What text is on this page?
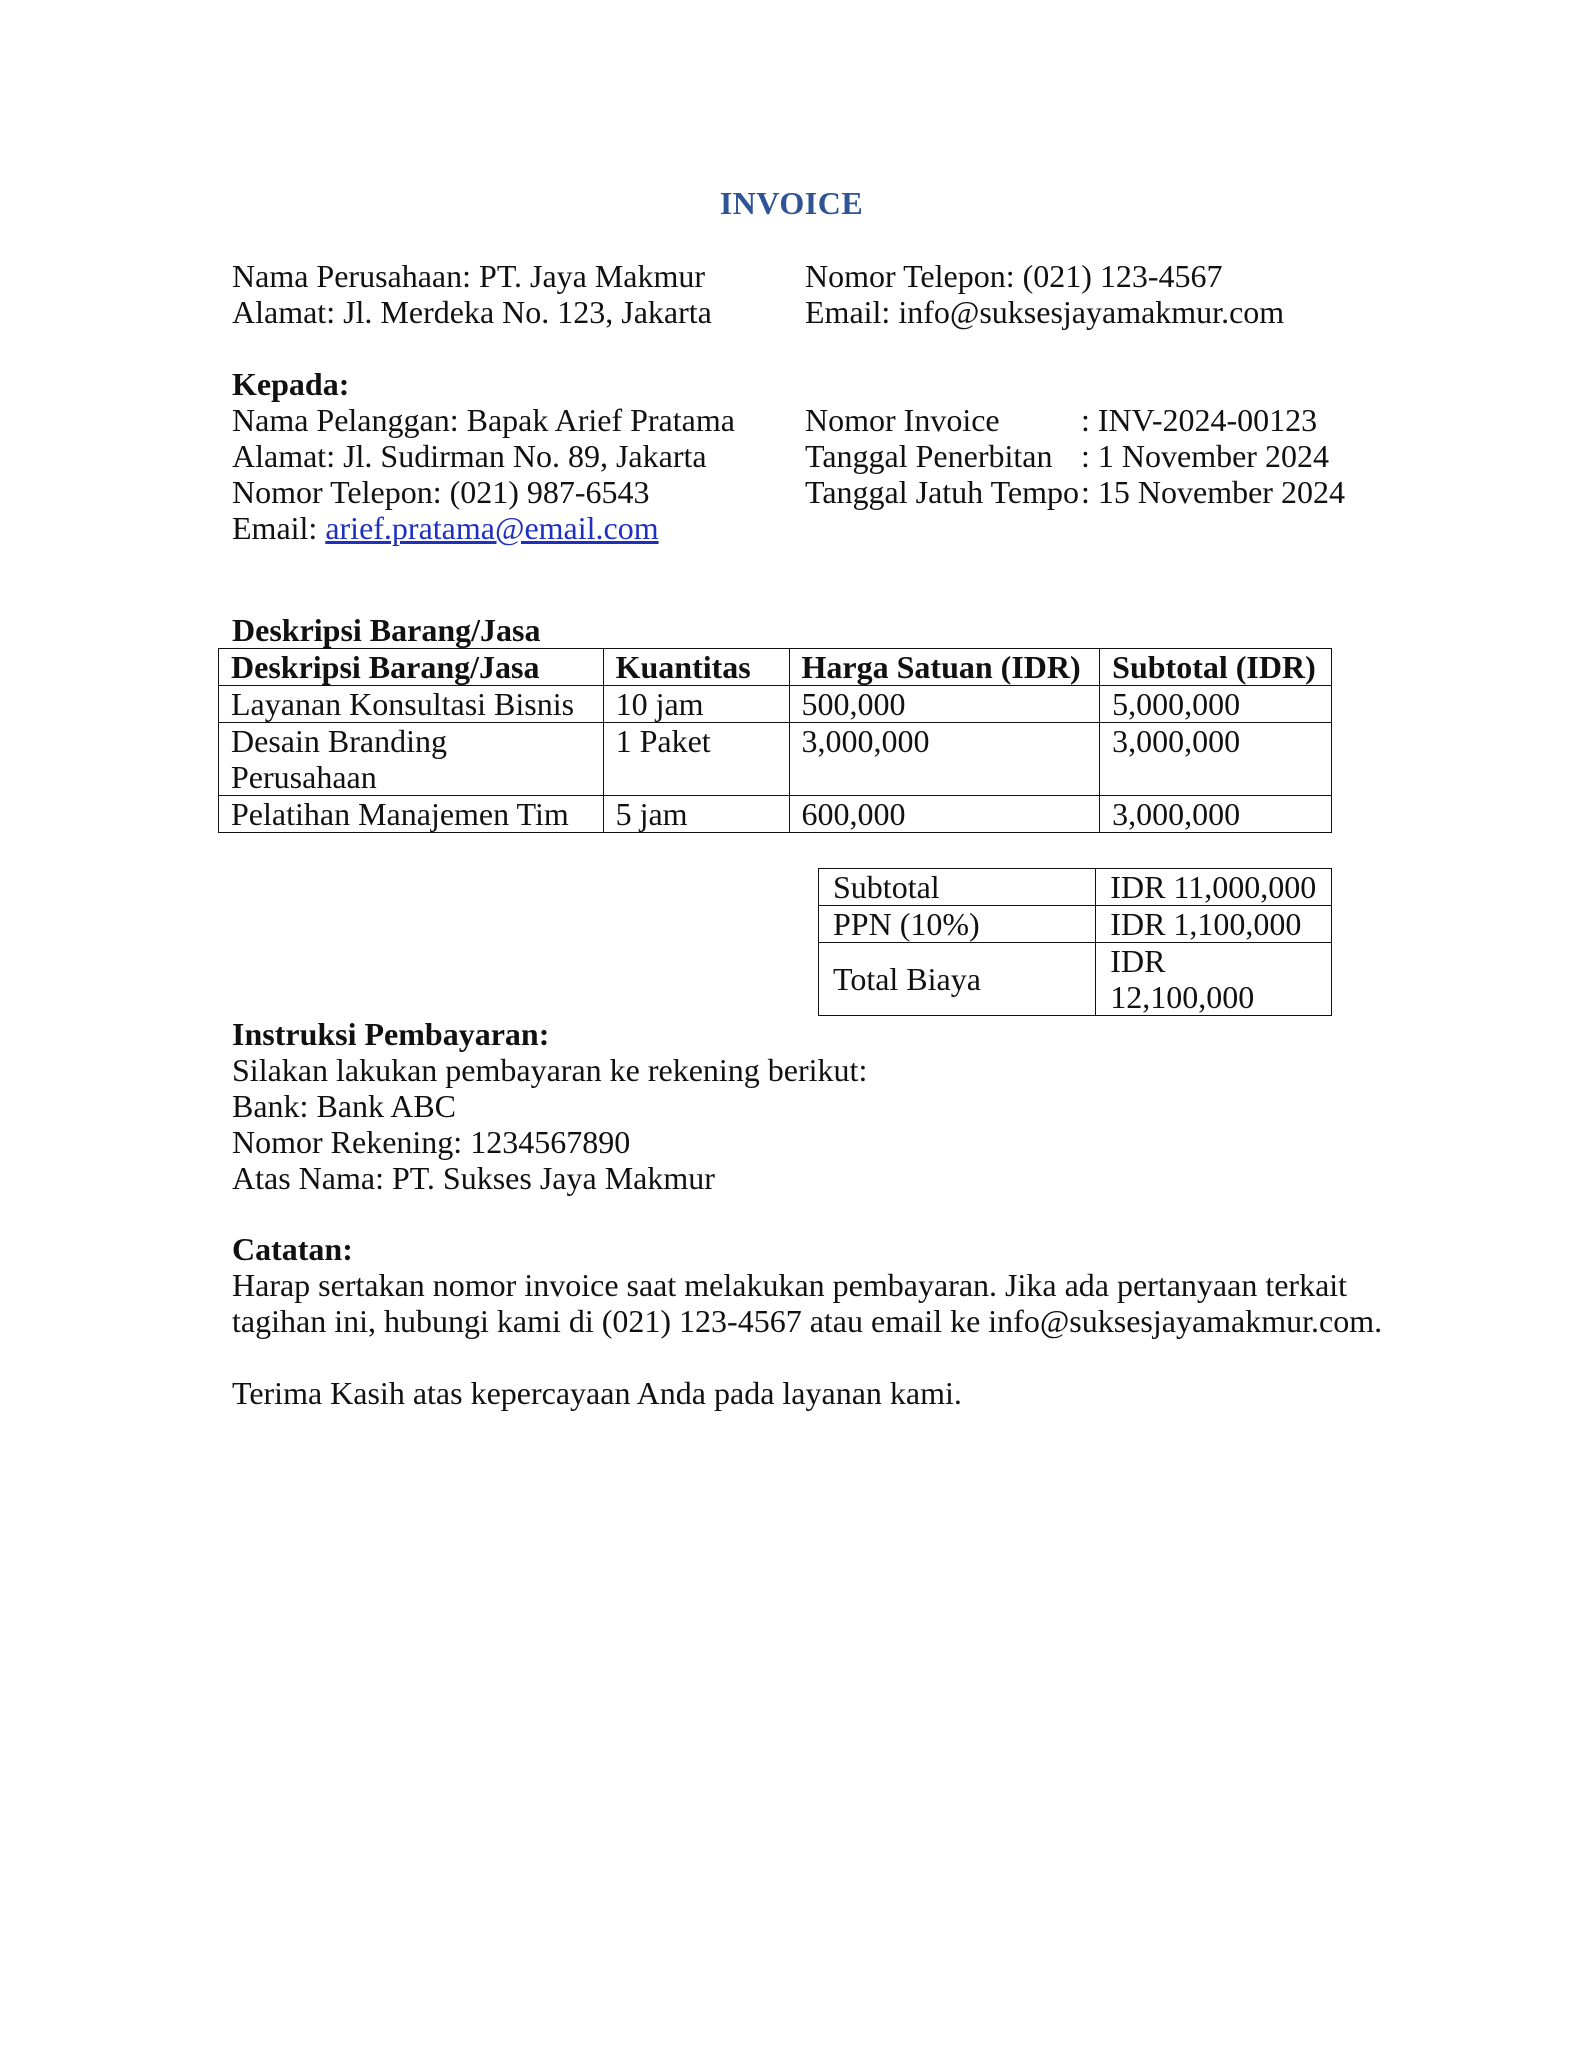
INVOICE
Nama Perusahaan: PT. Jaya Makmur
Alamat: Jl. Merdeka No. 123, Jakarta
Nomor Telepon: (021) 123-4567
Email: info@suksesjayamakmur.com
Kepada:
Nama Pelanggan: Bapak Arief Pratama
Alamat: Jl. Sudirman No. 89, Jakarta
Nomor Telepon: (021) 987-6543
Email: arief.pratama@email.com
Nomor Invoice	: INV-2024-00123
Tanggal Penerbitan : 1 November 2024
Tanggal Jatuh Tempo : 15 November 2024
Deskripsi Barang/Jasa
Deskripsi Barang/Jasa	Kuantitas	Harga Satuan (IDR)	Subtotal (IDR)
Layanan Konsultasi Bisnis	10 jam	500,000	5,000,000
Desain Branding Perusahaan	1 Paket	3,000,000	3,000,000
Pelatihan Manajemen Tim	5 jam	600,000	3,000,000
Subtotal	IDR 11,000,000
PPN (10%)	IDR 1,100,000
Total Biaya	IDR 12,100,000
Instruksi Pembayaran:
Silakan lakukan pembayaran ke rekening berikut:
Bank: Bank ABC
Nomor Rekening: 1234567890
Atas Nama: PT. Sukses Jaya Makmur
Catatan:
Harap sertakan nomor invoice saat melakukan pembayaran. Jika ada pertanyaan terkait
tagihan ini, hubungi kami di (021) 123-4567 atau email ke info@suksesjayamakmur.com.
Terima Kasih atas kepercayaan Anda pada layanan kami.
